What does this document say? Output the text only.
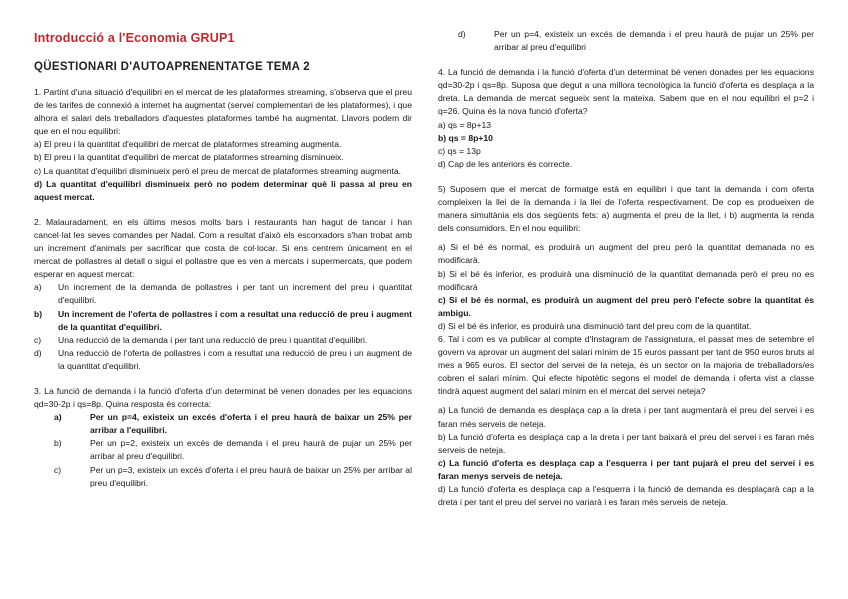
Introducció a l'Economia GRUP1
QÜESTIONARI D'AUTOAPRENENTATGE TEMA 2

1. Partint d'una situació d'equilibri en el mercat de les plataformes streaming, s'observa que el preu de les tarifes de connexió a internet ha augmentat (serveí complementari de les plataformes), i que alhora el salari dels treballadors d'aquestes plataformes també ha augmentat. Llavors podem dir que en el nou equilibri:

a) El preu i la quantitat d'equilibri de mercat de plataformes streaming augmenta.

b) El preu i la quantitat d'equilibri de mercat de plataformes streaming disminueix.

c) La quantitat d'equilibri disminueix però el preu de mercat de plataformes streaming augmenta.

d) La quantitat d'equilibri disminueix però no podem determinar què li passa al preu en aquest mercat.

2. Malauradament, en els últims mesos molts bars i restaurants han hagut de tancar i han cancel·lat les seves comandes per Nadal. Com a resultat d'això els escorxadors s'han trobat amb un increment d'animals per sacrificar que costa de col·locar. Si ens centrem únicament en el mercat de pollastres al detall o sigui el pollastre que es ven a mercats i supermercats, que podem esperar en aquest mercat:

a)	Un increment de la demanda de pollastres i per tant un increment del preu i quantitat d'equilibri.
b)	Un increment de l'oferta de pollastres i com a resultat una reducció de preu i augment de la quantitat d'equilibri.
c)	Una reducció de la demanda i per tant una reducció de preu i quantitat d'equilibri.
d)	Una reducció de l'oferta de pollastres i com a resultat una reducció de preu i un augment de la quantitat d'equilibri.

3. La funció de demanda i la funció d'oferta d'un determinat bé venen donades per les equacions qd=30-2p i qs=8p. Quina resposta és correcta:

a)	Per un p=4, existeix un excés d'oferta i el preu haurà de baixar un 25% per arribar a l'equilibri.
b)	Per un p=2, existeix un excés de demanda i el preu haurà de pujar un 25% per arribar al preu d'equilibri.
c)	Per un p=3, existeix un excés d'oferta i el preu haurà de baixar un 25% per arribar al preu d'equilibri.
d)	Per un p=4, existeix un excés de demanda i el preu haurà de pujar un 25% per arribar al preu d'equilibri

4. La funció de demanda i la funció d'oferta d'un determinat bé venen donades per les equacions qd=30-2p i qs=8p. Suposa que degut a una millora tecnològica la funció d'oferta es desplaça a la dreta. La demanda de mercat segueix sent la mateixa. Sabem que en el nou equilibri el p=2 i q=26. Quina és la nova funció d'oferta?

a) qs = 8p+13

b) qs = 8p+10

c) qs = 13p

d) Cap de les anteriors és correcte.

5) Suposem que el mercat de formatge està en equilibri i que tant la demanda i com oferta compleixen la llei de la demanda i la llei de l'oferta respectivament. De cop es produeixen de manera simultània els dos següents fets: a) augmenta el preu de la llet, i b) augmenta la renda dels consumidors. En el nou equilibri:

a) Si el bé és normal, es produirà un augment del preu però la quantitat demanada no es modificarà.

b) Si el bé és inferior, es produirà una disminució de la quantitat demanada però el preu no es modificarà

c) Si el bé és normal, es produirà un augment del preu però l'efecte sobre la quantitat és ambigu.

d) Si el bé és inferior, es produirà una disminució tant del preu com de la quantitat.

6. Tal i com es va publicar al compte d'Instagram de l'assignatura, el passat mes de setembre el govern va aprovar un augment del salari mínim de 15 euros passant per tant de 950 euros bruts al mes a 965 euros. El sector del servei de la neteja, és un sector on la majoria de treballadors/es cobren el salari mínim. Qui efecte hipotètic segons el model de demanda i oferta vist a classe tindrà aquest augment del salari mínim en el mercat del servei neteja?

a) La funció de demanda es desplaça cap a la dreta i per tant augmentarà el preu del servei i es faran més serveis de neteja.

b) La funció d'oferta es desplaça cap a la dreta i per tant baixarà el preu del servei i es faran més serveis de neteja.

c) La funció d'oferta es desplaça cap a l'esquerra i per tant pujarà el preu del servei i es faran menys serveis de neteja.

d) La funció d'oferta es desplaça cap a l'esquerra i la funció de demanda es desplaçarà cap a la dreta i per tant el preu del servei no variarà i es faran més serveis de neteja.
